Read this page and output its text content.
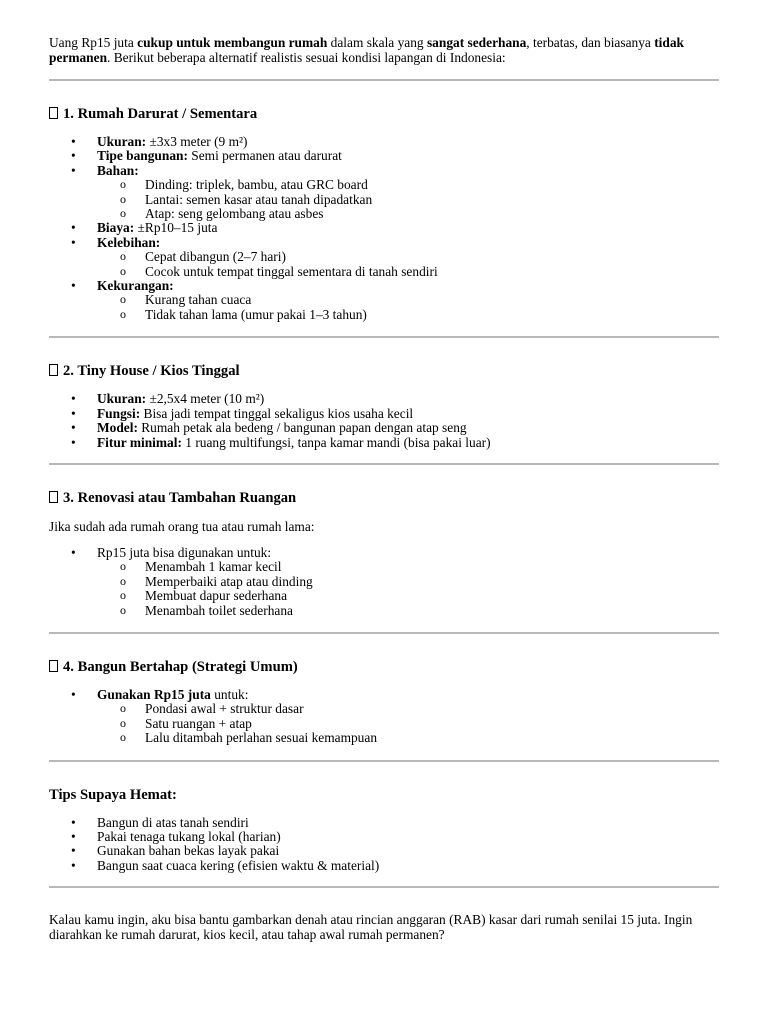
Uang Rp15 juta cukup untuk membangun rumah dalam skala yang sangat sederhana, terbatas, dan biasanya tidak permanen. Berikut beberapa alternatif realistis sesuai kondisi lapangan di Indonesia:

1. Rumah Darurat / Sementara
• Ukuran: ±3x3 meter (9 m²)
• Tipe bangunan: Semi permanen atau darurat
• Bahan:
o Dinding: triplek, bambu, atau GRC board
o Lantai: semen kasar atau tanah dipadatkan
o Atap: seng gelombang atau asbes
• Biaya: ±Rp10–15 juta
• Kelebihan:
o Cepat dibangun (2–7 hari)
o Cocok untuk tempat tinggal sementara di tanah sendiri
• Kekurangan:
o Kurang tahan cuaca
o Tidak tahan lama (umur pakai 1–3 tahun)
2. Tiny House / Kios Tinggal
• Ukuran: ±2,5x4 meter (10 m²)
• Fungsi: Bisa jadi tempat tinggal sekaligus kios usaha kecil
• Model: Rumah petak ala bedeng / bangunan papan dengan atap seng
• Fitur minimal: 1 ruang multifungsi, tanpa kamar mandi (bisa pakai luar)
3. Renovasi atau Tambahan Ruangan

Jika sudah ada rumah orang tua atau rumah lama:

• Rp15 juta bisa digunakan untuk:
o Menambah 1 kamar kecil
o Memperbaiki atap atau dinding
o Membuat dapur sederhana
o Menambah toilet sederhana
4. Bangun Bertahap (Strategi Umum)
• Gunakan Rp15 juta untuk:
o Pondasi awal + struktur dasar
o Satu ruangan + atap
o Lalu ditambah perlahan sesuai kemampuan
Tips Supaya Hemat:
• Bangun di atas tanah sendiri
• Pakai tenaga tukang lokal (harian)
• Gunakan bahan bekas layak pakai
• Bangun saat cuaca kering (efisien waktu & material)

Kalau kamu ingin, aku bisa bantu gambarkan denah atau rincian anggaran (RAB) kasar dari rumah senilai 15 juta. Ingin diarahkan ke rumah darurat, kios kecil, atau tahap awal rumah permanen?
